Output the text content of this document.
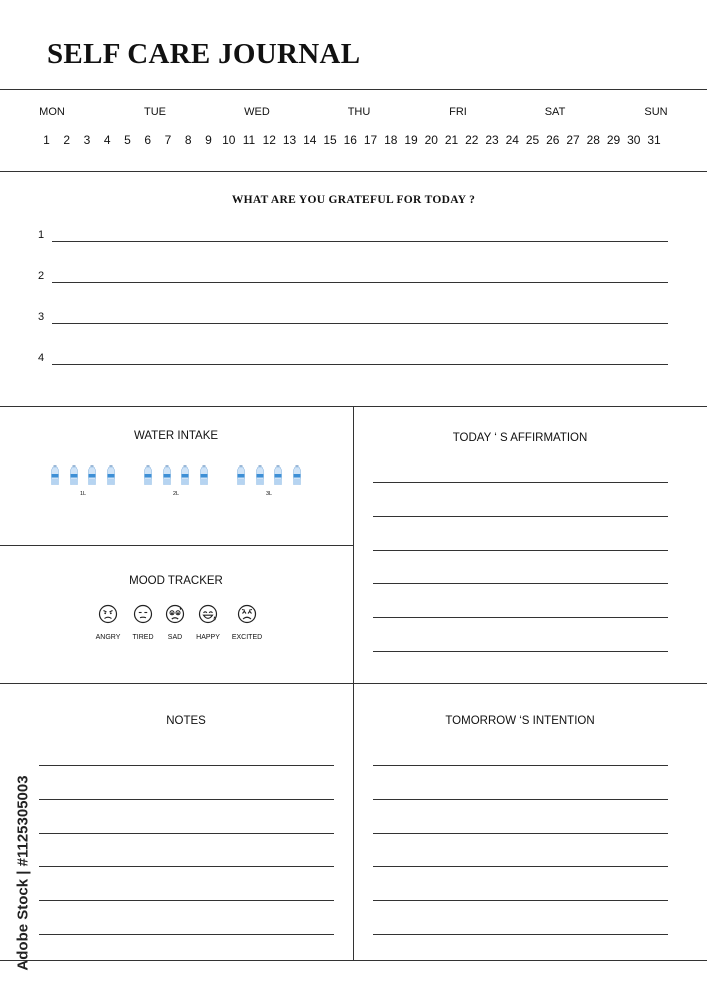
SELF CARE JOURNAL
MON	TUE	WED	THU	FRI	SAT	SUN
1 2 3 4 5 6 7 8 9 10 11 12 13 14 15 16 17 18 19 20 21 22 23 24 25 26 27 28 29 30 31
WHAT ARE YOU GRATEFUL FOR TODAY ?
1
2
3
4
WATER INTAKE
1L	2L	3L
MOOD TRACKER
ANGRY TIRED SAD HAPPY EXCITED
TODAY ‘ S AFFIRMATION
NOTES	TOMORROW ‘S INTENTION
Adobe Stock | #1125305003
